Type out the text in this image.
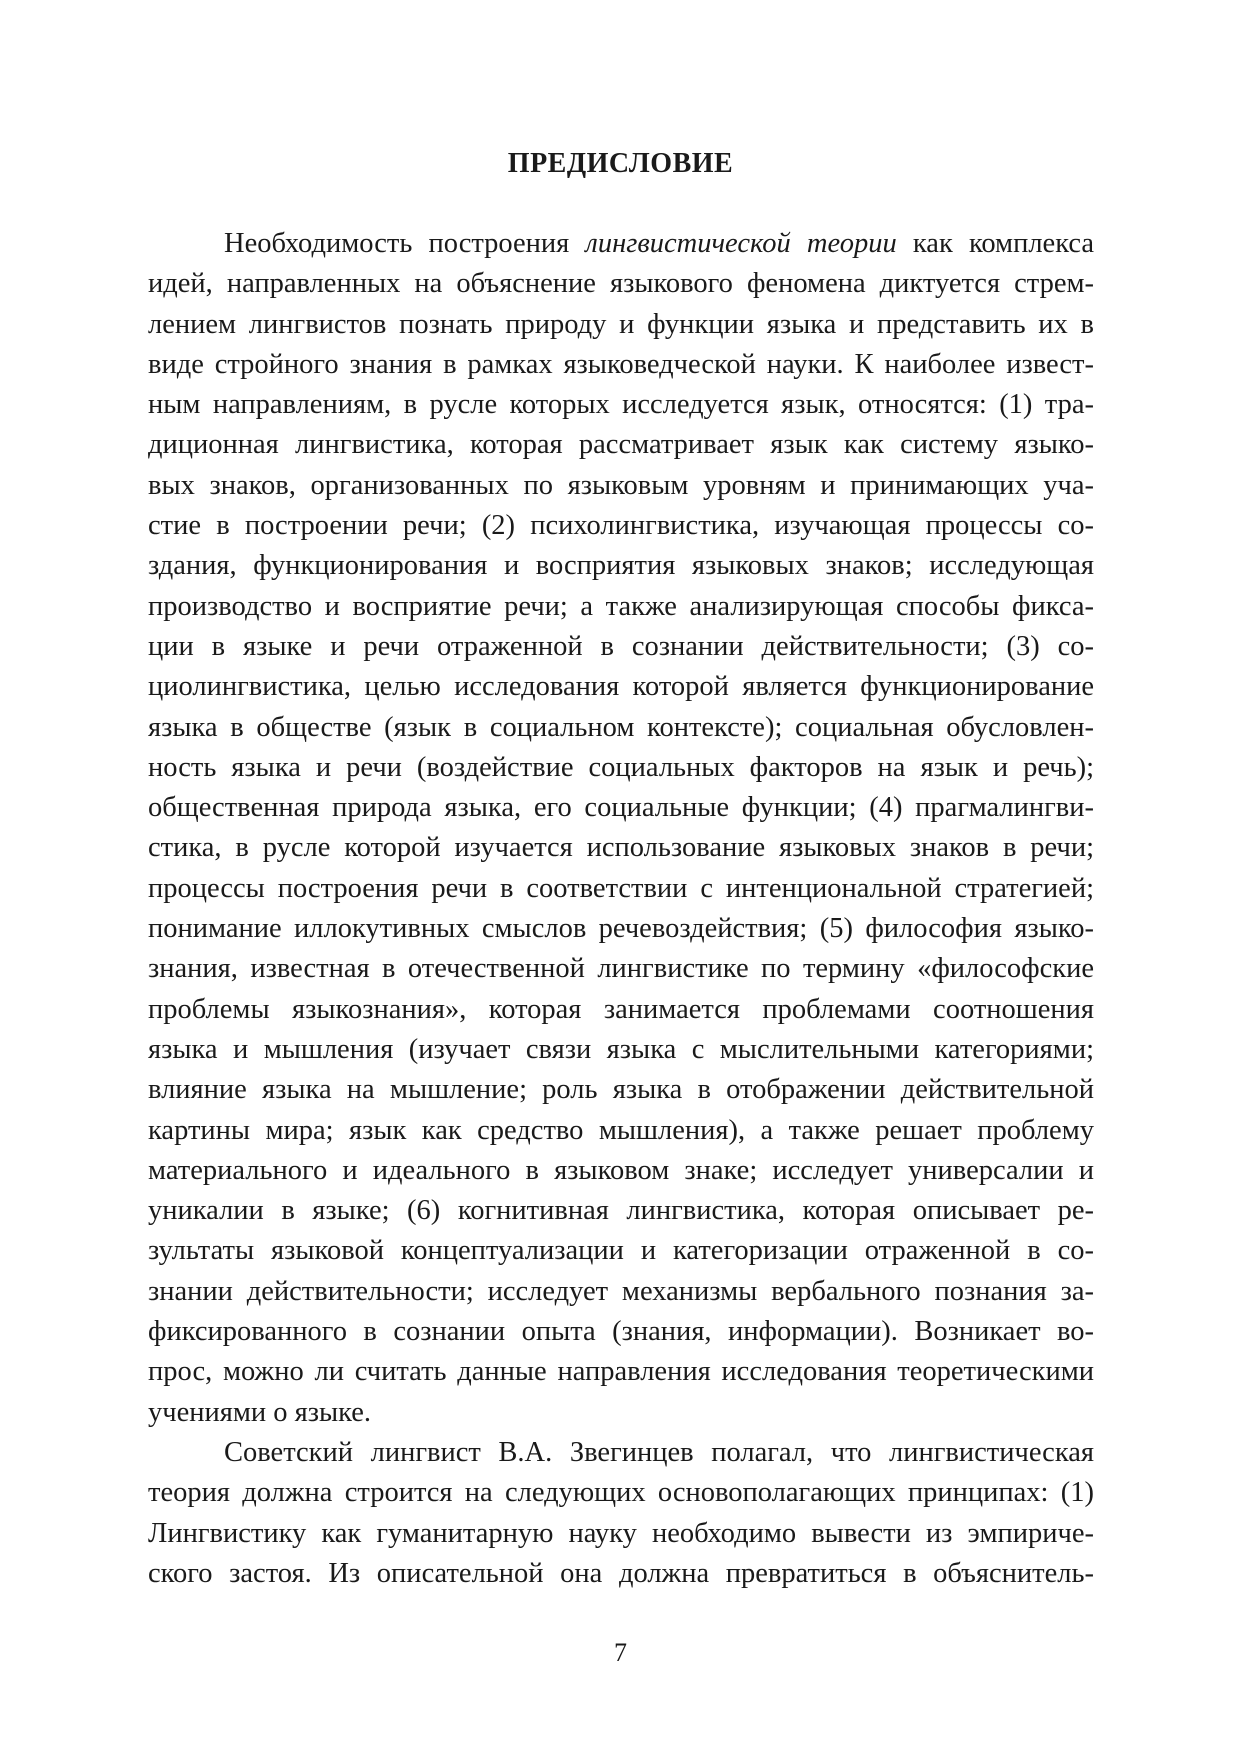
ПРЕДИСЛОВИЕ
Необходимость построения лингвистической теории как комплекса
идей, направленных на объяснение языкового феномена диктуется стрем-
лением лингвистов познать природу и функции языка и представить их в
виде стройного знания в рамках языковедческой науки. К наиболее извест-
ным направлениям, в русле которых исследуется язык, относятся: (1) тра-
диционная лингвистика, которая рассматривает язык как систему языко-
вых знаков, организованных по языковым уровням и принимающих уча-
стие в построении речи; (2) психолингвистика, изучающая процессы со-
здания, функционирования и восприятия языковых знаков; исследующая
производство и восприятие речи; а также анализирующая способы фикса-
ции в языке и речи отраженной в сознании действительности; (3) со-
циолингвистика, целью исследования которой является функционирование
языка в обществе (язык в социальном контексте); социальная обусловлен-
ность языка и речи (воздействие социальных факторов на язык и речь);
общественная природа языка, его социальные функции; (4) прагмалингви-
стика, в русле которой изучается использование языковых знаков в речи;
процессы построения речи в соответствии с интенциональной стратегией;
понимание иллокутивных смыслов речевоздействия; (5) философия языко-
знания, известная в отечественной лингвистике по термину «философские
проблемы языкознания», которая занимается проблемами соотношения
языка и мышления (изучает связи языка с мыслительными категориями;
влияние языка на мышление; роль языка в отображении действительной
картины мира; язык как средство мышления), а также решает проблему
материального и идеального в языковом знаке; исследует универсалии и
уникалии в языке; (6) когнитивная лингвистика, которая описывает ре-
зультаты языковой концептуализации и категоризации отраженной в со-
знании действительности; исследует механизмы вербального познания за-
фиксированного в сознании опыта (знания, информации). Возникает во-
прос, можно ли считать данные направления исследования теоретическими
учениями о языке.
Советский лингвист В.А. Звегинцев полагал, что лингвистическая
теория должна строится на следующих основополагающих принципах: (1)
Лингвистику как гуманитарную науку необходимо вывести из эмпириче-
ского застоя. Из описательной она должна превратиться в объяснитель-
7
